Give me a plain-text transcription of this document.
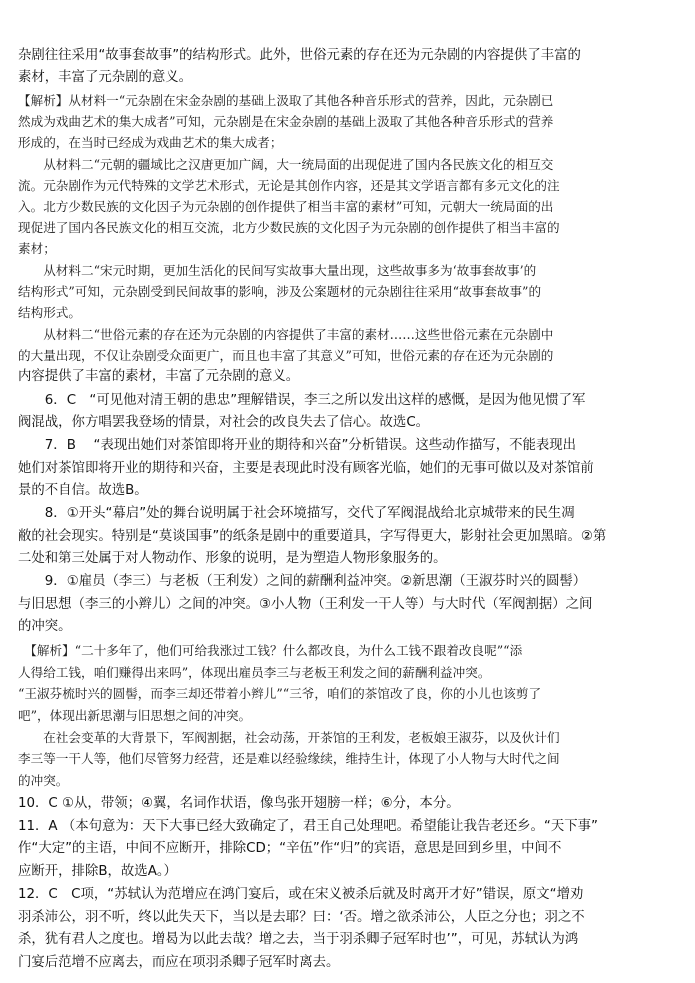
杂剧往往采用“故事套故事”的结构形式。此外，世俗元素的存在还为元杂剧的内容提供了丰富的
素材，丰富了元杂剧的意义。
【解析】从材料一“元杂剧在宋金杂剧的基础上汲取了其他各种音乐形式的营养，因此，元杂剧已
然成为戏曲艺术的集大成者”可知，元杂剧是在宋金杂剧的基础上汲取了其他各种音乐形式的营养
形成的，在当时已经成为戏曲艺术的集大成者；
　　从材料二“元朝的疆域比之汉唐更加广阔，大一统局面的出现促进了国内各民族文化的相互交
流。元杂剧作为元代特殊的文学艺术形式，无论是其创作内容，还是其文学语言都有多元文化的注
入。北方少数民族的文化因子为元杂剧的创作提供了相当丰富的素材”可知，元朝大一统局面的出
现促进了国内各民族文化的相互交流，北方少数民族的文化因子为元杂剧的创作提供了相当丰富的
素材；
　　从材料二“宋元时期，更加生活化的民间写实故事大量出现，这些故事多为‘故事套故事’的
结构形式”可知，元杂剧受到民间故事的影响，涉及公案题材的元杂剧往往采用“故事套故事”的
结构形式。
　　从材料二“世俗元素的存在还为元杂剧的内容提供了丰富的素材……这些世俗元素在元杂剧中
的大量出现，不仅让杂剧受众面更广，而且也丰富了其意义”可知，世俗元素的存在还为元杂剧的
内容提供了丰富的素材，丰富了元杂剧的意义。
　　6．C　“可见他对清王朝的患忠”理解错误，李三之所以发出这样的感慨，是因为他见惯了军
阀混战，你方唱罢我登场的情景，对社会的改良失去了信心。故选C。
　　7．B　 “表现出她们对茶馆即将开业的期待和兴奋”分析错误。这些动作描写，不能表现出
她们对茶馆即将开业的期待和兴奋，主要是表现此时没有顾客光临，她们的无事可做以及对茶馆前
景的不自信。故选B。
　　8．①开头“幕启”处的舞台说明属于社会环境描写，交代了军阀混战给北京城带来的民生凋
敝的社会现实。特别是“莫谈国事”的纸条是剧中的重要道具，字写得更大，影射社会更加黑暗。②第
二处和第三处属于对人物动作、形象的说明，是为塑造人物形象服务的。
　　9．①雇员（李三）与老板（王利发）之间的薪酬利益冲突。②新思潮（王淑芬时兴的圆髻）
与旧思想（李三的小辫儿）之间的冲突。③小人物（王利发一干人等）与大时代（军阀割据）之间
的冲突。
　【解析】“二十多年了，他们可给我涨过工钱？什么都改良，为什么工钱不跟着改良呢”“添
人得给工钱，咱们赚得出来吗”，体现出雇员李三与老板王利发之间的薪酬利益冲突。
“王淑芬梳时兴的圆髻，而李三却还带着小辫儿”“三爷，咱们的茶馆改了良，你的小儿也该剪了
吧”，体现出新思潮与旧思想之间的冲突。
　　在社会变革的大背景下，军阀割据，社会动荡，开茶馆的王利发，老板娘王淑芬，以及伙计们
李三等一干人等，他们尽管努力经营，还是难以经验缘续，维持生计，体现了小人物与大时代之间
的冲突。
10．C ①从，带领；④翼，名词作状语，像鸟张开翅膀一样；⑥分，本分。
11．A （本句意为：天下大事已经大致确定了，君王自己处理吧。希望能让我告老还乡。“天下事”
作“大定”的主语，中间不应断开，排除CD；“辛伍”作“归”的宾语，意思是回到乡里，中间不
应断开，排除B，故选A。）
12．C　C项，“苏轼认为范增应在鸿门宴后，或在宋义被杀后就及时离开才好”错误，原文“增劝
羽杀沛公，羽不听，终以此失天下，当以是去耶？曰：‘否。增之欲杀沛公，人臣之分也；羽之不
杀，犹有君人之度也。增曷为以此去哉？增之去，当于羽杀卿子冠军时也’”，可见，苏轼认为鸿
门宴后范增不应离去，而应在项羽杀卿子冠军时离去。
